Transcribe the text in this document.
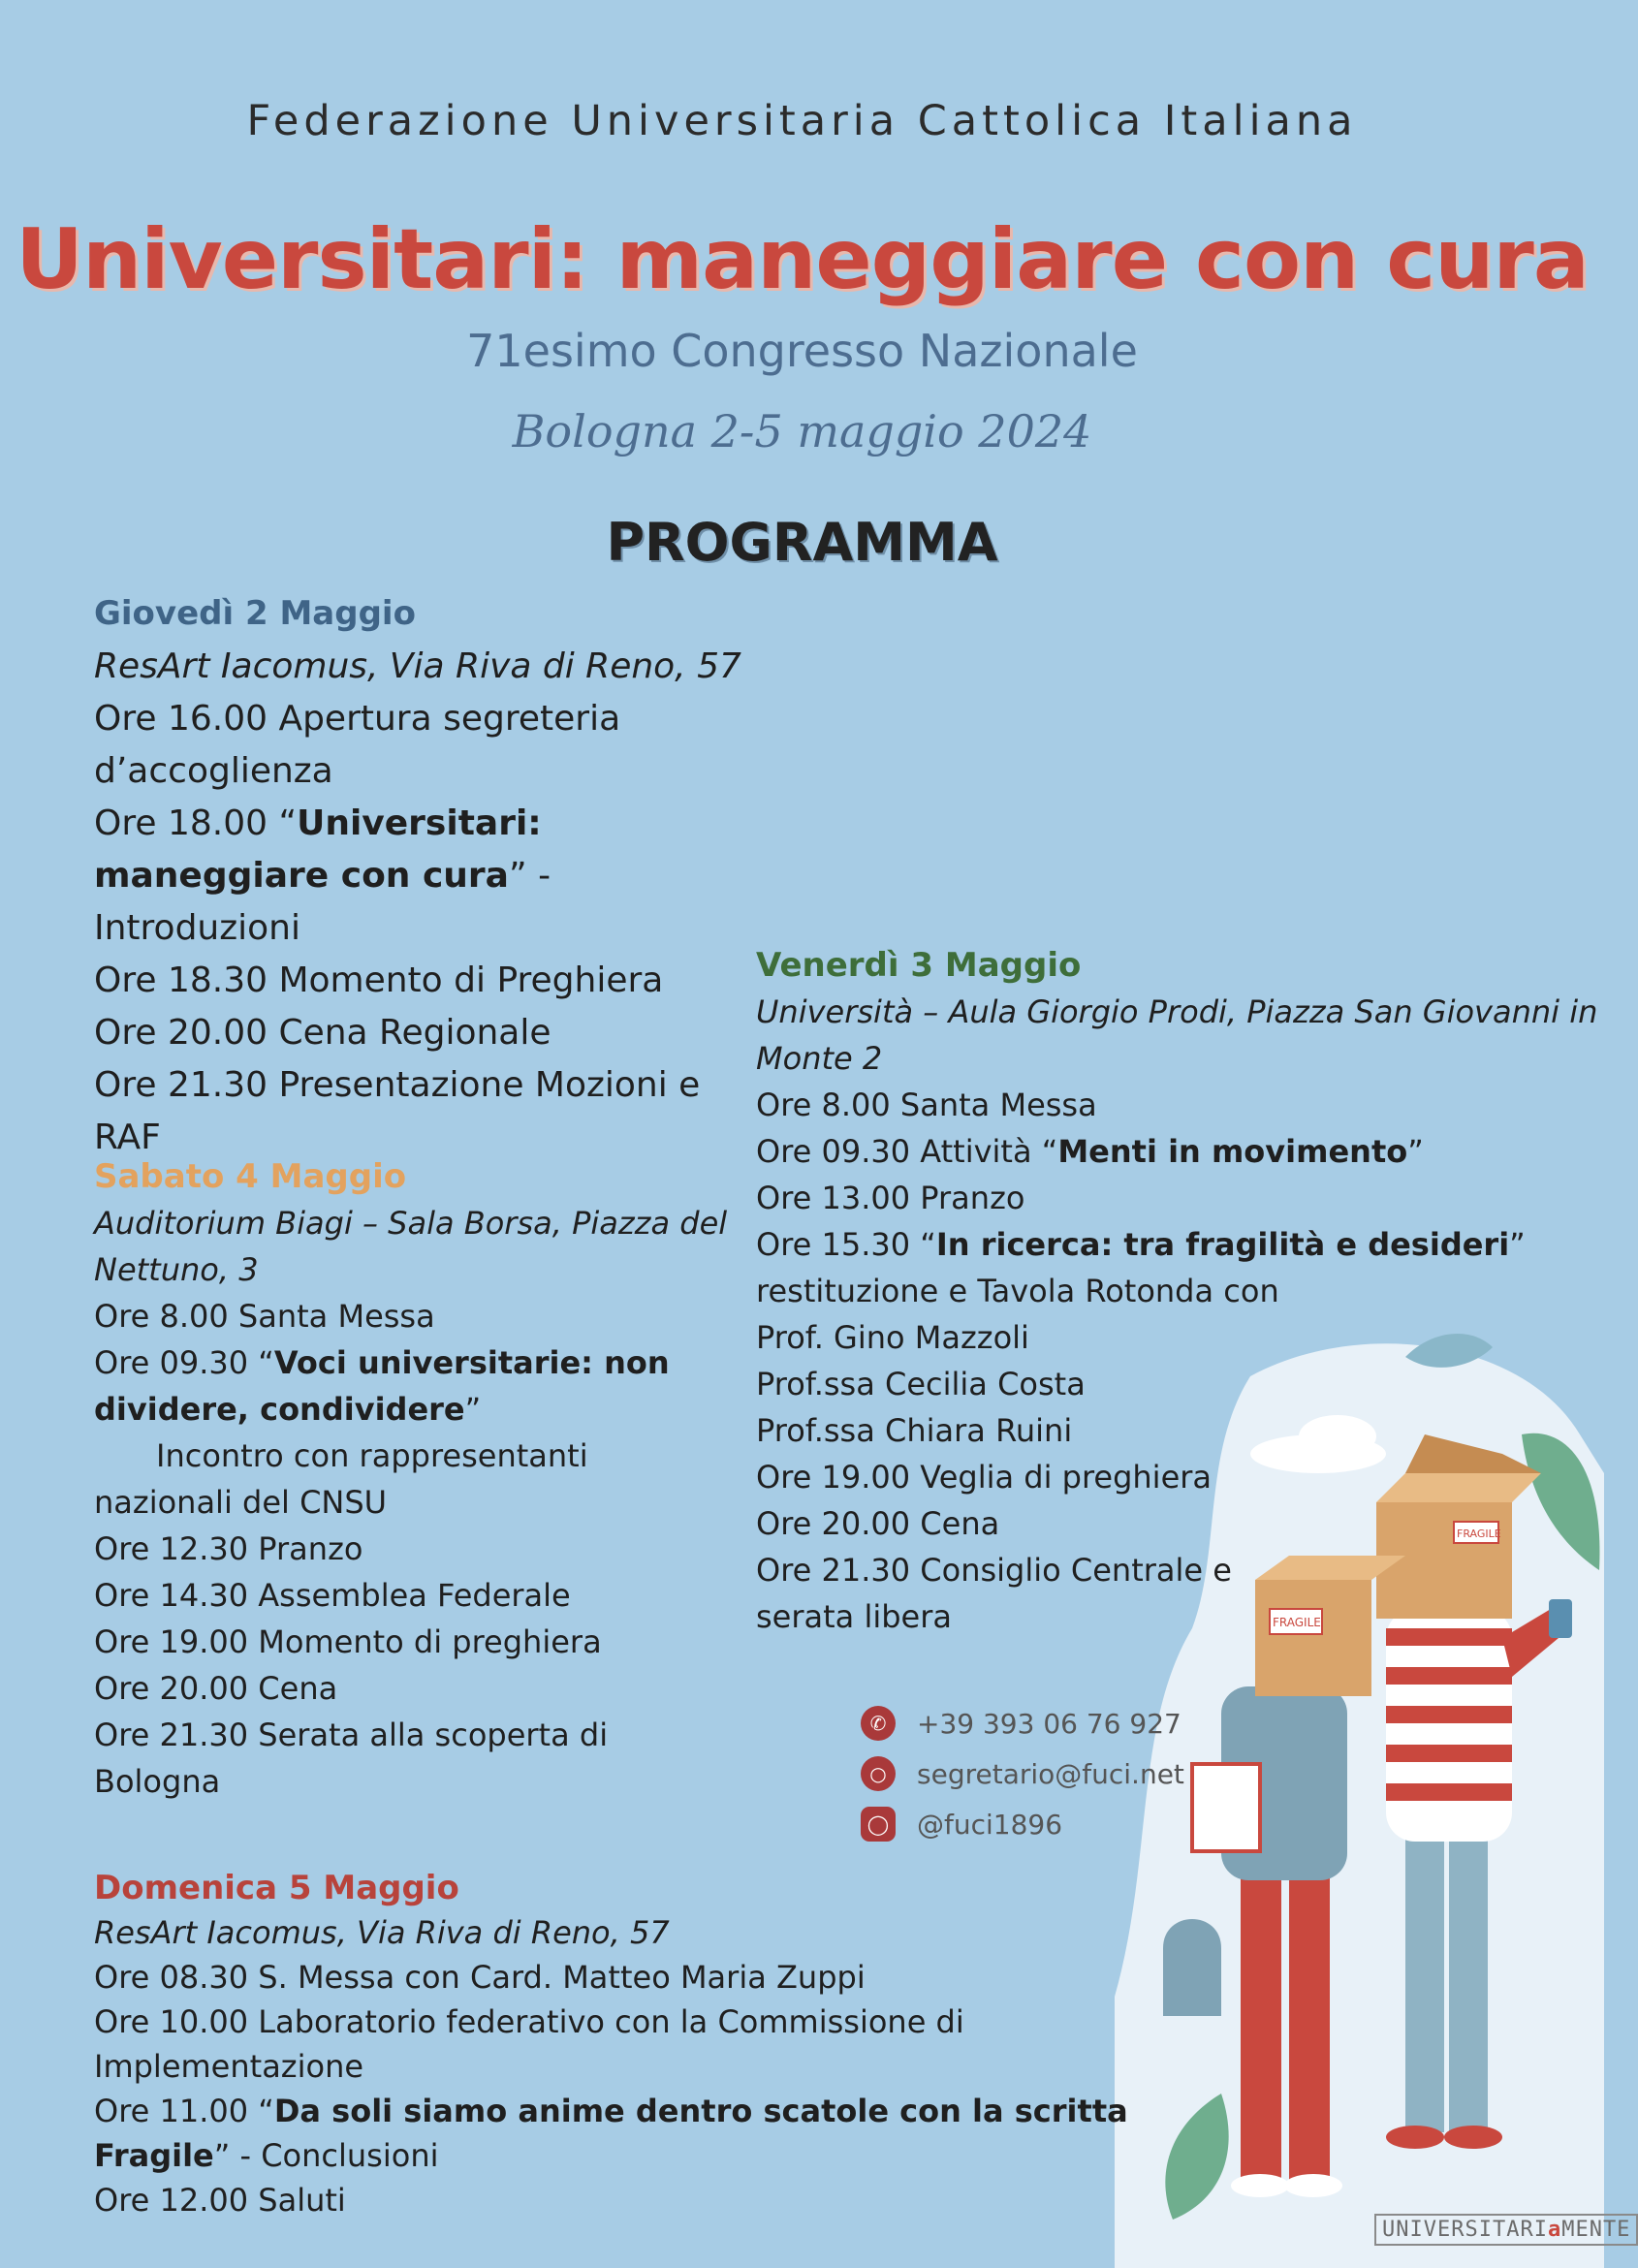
Federazione Universitaria Cattolica Italiana
Universitari: maneggiare con cura
71esimo Congresso Nazionale
Bologna 2-5 maggio 2024
PROGRAMMA
FRAGILE
FRAGILE
Giovedì 2 Maggio
ResArt Iacomus, Via Riva di Reno, 57
Ore 16.00 Apertura segreteria
d’accoglienza
Ore 18.00 “Universitari:
maneggiare con cura” -
Introduzioni
Ore 18.30 Momento di Preghiera
Ore 20.00 Cena Regionale
Ore 21.30 Presentazione Mozioni e
RAF
Sabato 4 Maggio
Auditorium Biagi – Sala Borsa, Piazza del
Nettuno, 3
Ore 8.00 Santa Messa
Ore 09.30 “Voci universitarie: non
dividere, condividere”
Incontro con rappresentanti
nazionali del CNSU
Ore 12.30 Pranzo
Ore 14.30 Assemblea Federale
Ore 19.00 Momento di preghiera
Ore 20.00 Cena
Ore 21.30 Serata alla scoperta di
Bologna
Venerdì 3 Maggio
Università – Aula Giorgio Prodi, Piazza San Giovanni in
Monte 2
Ore 8.00 Santa Messa
Ore 09.30 Attività “Menti in movimento”
Ore 13.00 Pranzo
Ore 15.30 “In ricerca: tra fragilità e desideri”
restituzione e Tavola Rotonda con
Prof. Gino Mazzoli
Prof.ssa Cecilia Costa
Prof.ssa Chiara Ruini
Ore 19.00 Veglia di preghiera
Ore 20.00 Cena
Ore 21.30 Consiglio Centrale e
serata libera
✆	+39 393 06 76 927
○	segretario@fuci.net
◯ @fuci1896
Domenica 5 Maggio
ResArt Iacomus, Via Riva di Reno, 57
Ore 08.30 S. Messa con Card. Matteo Maria Zuppi
Ore 10.00 Laboratorio federativo con la Commissione di
Implementazione
Ore 11.00 “Da soli siamo anime dentro scatole con la scritta
Fragile” - Conclusioni
Ore 12.00 Saluti
UNIVERSITARIaMENTE
